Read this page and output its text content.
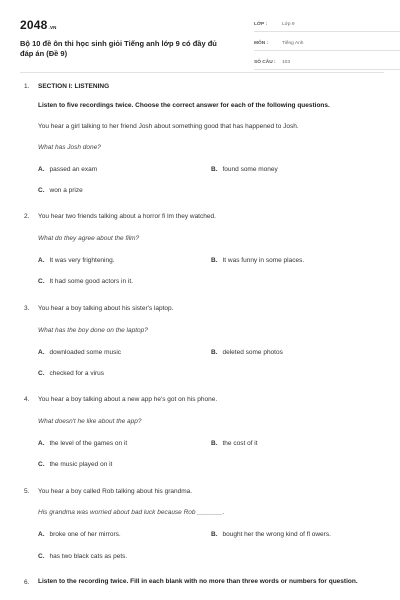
2048.VN
Bộ 10 đề ôn thi học sinh giỏi Tiếng anh lớp 9 có đầy đủ đáp án (Đề 9)
LỚP :	Lớp 9
MÔN :	Tiếng Anh
SỐ CÂU :	103
1. SECTION I: LISTENING
Listen to five recordings twice. Choose the correct answer for each of the following questions.
You hear a girl talking to her friend Josh about something good that has happened to Josh.
What has Josh done?
A. passed an exam	B. found some money
C. won a prize
2. You hear two friends talking about a horror fi lm they watched.
What do they agree about the film?
A. It was very frightening.	B. It was funny in some places.
C. It had some good actors in it.
3. You hear a boy talking about his sister's laptop.
What has the boy done on the laptop?
A. downloaded some music	B. deleted some photos
C. checked for a virus
4. You hear a boy talking about a new app he's got on his phone.
What doesn't he like about the app?
A. the level of the games on it	B. the cost of it
C. the music played on it
5. You hear a boy called Rob talking about his grandma.
His grandma was worried about bad luck because Rob _______.
A. broke one of her mirrors.	B. bought her the wrong kind of fl owers.
C. has two black cats as pets.
6. Listen to the recording twice. Fill in each blank with no more than three words or numbers for question.
